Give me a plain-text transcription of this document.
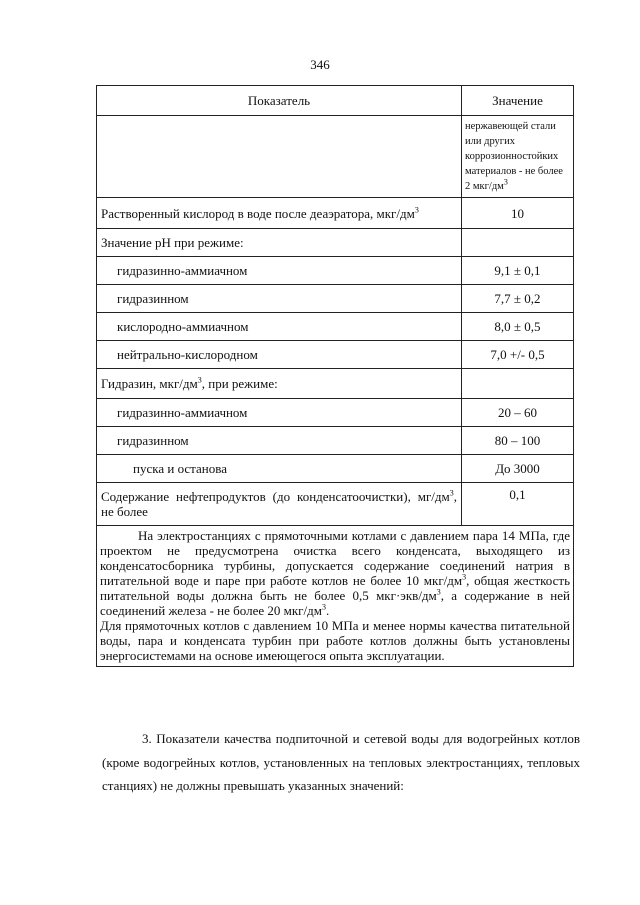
346
Показатель	Значение
	нержавеющей стали или других коррозионностойких материалов - не более 2 мкг/$дм^3$
Растворенный кислород в воде после деаэратора, мкг/$дм^3$	10
Значение pH при режиме:	
гидразинно-аммиачном	9,1 ± 0,1
гидразинном	7,7 ± 0,2
кислородно-аммиачном	8,0 ± 0,5
нейтрально-кислородном	7,0 +/- 0,5
Гидразин, мкг/$дм^3$, при режиме:	
гидразинно-аммиачном	20 – 60
гидразинном	80 – 100
пуска и останова	До 3000
Содержание нефтепродуктов (до конденсатоочистки), $мг/дм^3$, не более	0,1

На электростанциях с прямоточными котлами с давлением пара 14 МПа, где проектом не предусмотрена очистка всего конденсата, выходящего из конденсатосборника турбины, допускается содержание соединений натрия в питательной воде и паре при работе котлов не более 10 мкг/$дм^3$, общая жесткость питательной воды должна быть не более 0,5 $мкг\cdot экв/дм^3$, а содержание в ней соединений железа - не более 20 мкг/$дм^3$.

Для прямоточных котлов с давлением 10 МПа и менее нормы качества питательной воды, пара и конденсата турбин при работе котлов должны быть установлены энергосистемами на основе имеющегося опыта эксплуатации.	

3. Показатели качества подпиточной и сетевой воды для водогрейных котлов (кроме водогрейных котлов, установленных на тепловых электростанциях, тепловых станциях) не должны превышать указанных значений:
